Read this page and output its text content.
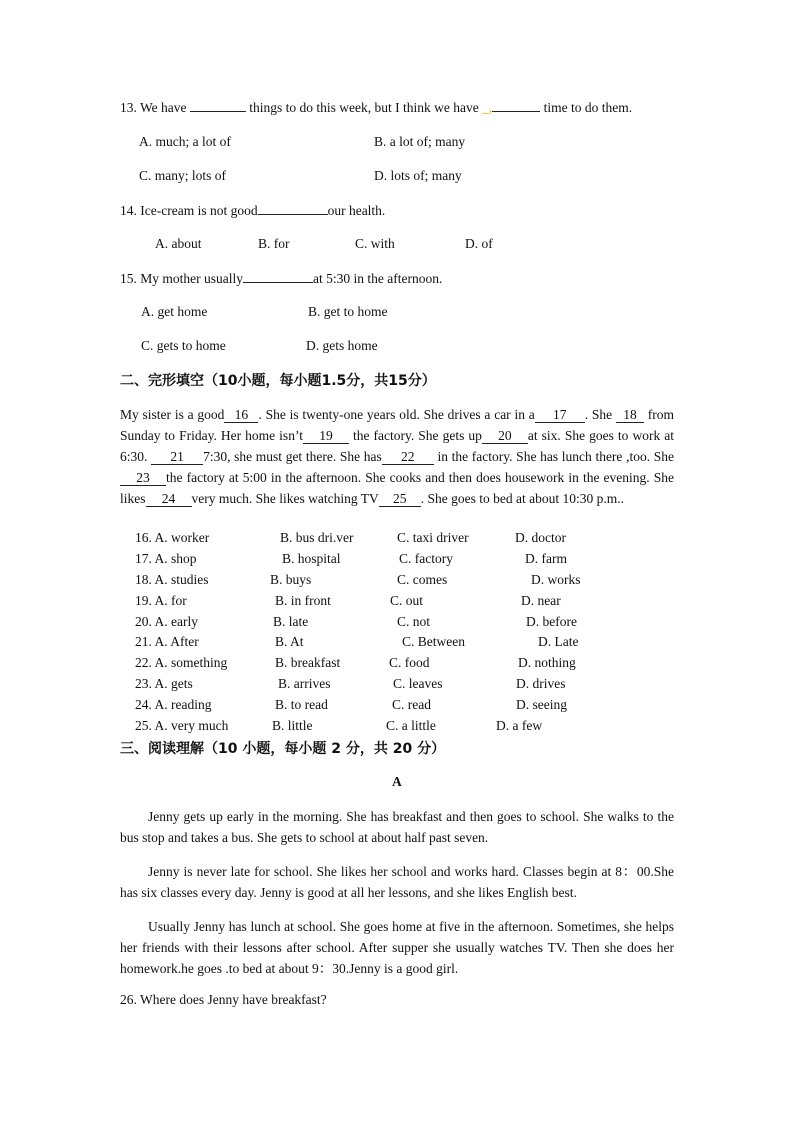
13. We have	things to do this week, but I think we have _,	time to do them.
A. much; a lot of	B. a lot of; many
C. many; lots of	D. lots of; many
14. Ice-cream is not good	our health.
A. about	B. for	C. with	D. of
15. My mother usually	at 5:30 in the afternoon.
A. get home	B. get to home
C. gets to home	D. gets home
二、完形填空（10小题，每小题1.5分，共15分）
My sister is a good 16 . She is twenty-one years old. She drives a car in a 17 . She 18 from Sunday to Friday. Her home isn’t 19 the factory. She gets up 20 at six. She goes to work at 6:30. 21 7:30, she must get there. She has 22 in the factory. She has lunch there ,too. She23 the factory at 5:00 in the afternoon. She cooks and then does housework in the evening. She likes 24 very much. She likes watching TV 25 . She goes to bed at about 10:30 p.m..
16. A. worker	B. bus dri.ver	C. taxi driver	D. doctor
17. A. shop	B. hospital	C. factory	D. farm
18. A. studies	B. buys	C. comes	D. works
19. A. for	B. in front	C. out	D. near
20. A. early	B. late	C. not	D. before
21. A. After	B. At	C. Between	D. Late
22. A. something	B. breakfast	C. food	D. nothing
23. A. gets	B. arrives	C. leaves	D. drives
24. A. reading	B. to read	C. read	D. seeing
25. A. very much	B. little	C. a little	D. a few
三、阅读理解（10 小题，每小题 2 分，共 20 分）
A
Jenny gets up early in the morning. She has breakfast and then goes to school. She walks to the bus stop and takes a bus. She gets to school at about half past seven.
Jenny is never late for school. She likes her school and works hard. Classes begin at 8：00.She has six classes every day. Jenny is good at all her lessons, and she likes English best.
Usually Jenny has lunch at school. She goes home at five in the afternoon. Sometimes, she helps her friends with their lessons after school. After supper she usually watches TV. Then she does her homework.he goes .to bed at about 9：30.Jenny is a good girl.
26. Where does Jenny have breakfast?
